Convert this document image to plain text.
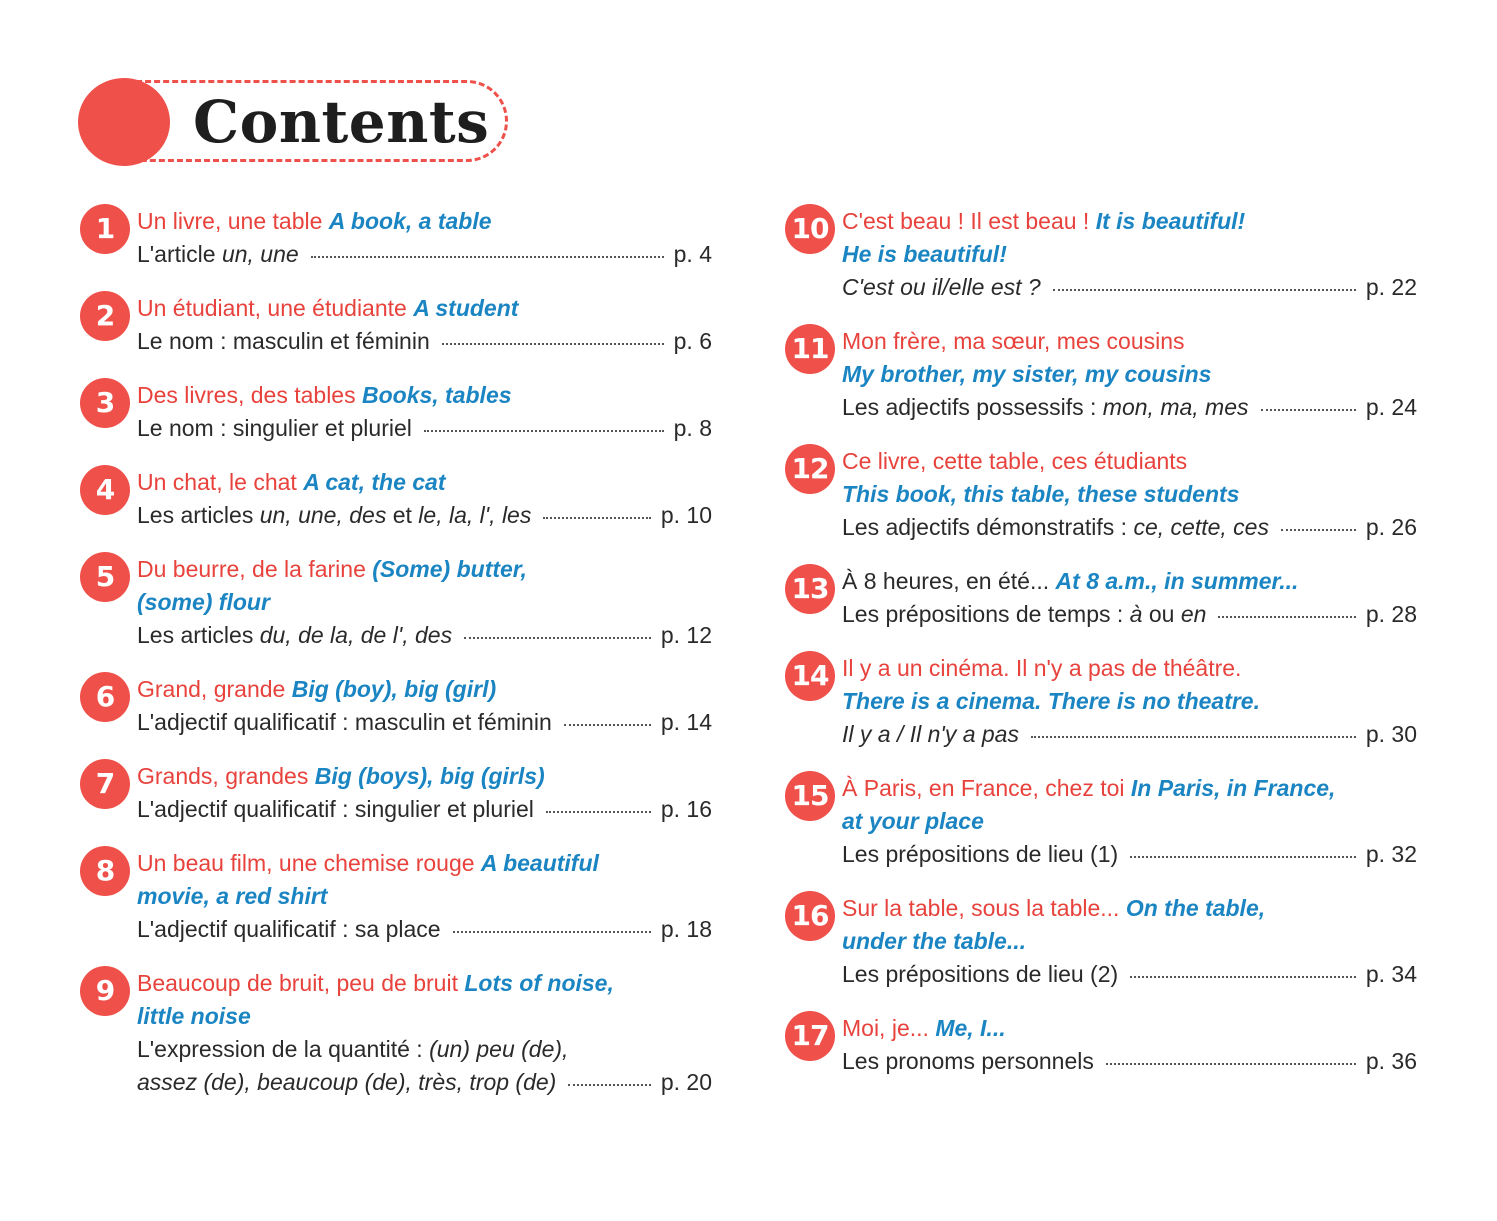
Contents
1 Un livre, une table A book, a table
L'article un, une	p. 4
2 Un étudiant, une étudiante A student
Le nom : masculin et féminin	p. 6
3 Des livres, des tables Books, tables
Le nom : singulier et pluriel	p. 8
4 Un chat, le chat A cat, the cat
Les articles un, une, des et le, la, l', les	p. 10
5 Du beurre, de la farine (Some) butter,
(some) flour
Les articles du, de la, de l', des	p. 12
6 Grand, grande Big (boy), big (girl)
L'adjectif qualificatif : masculin et féminin	p. 14
7 Grands, grandes Big (boys), big (girls)
L'adjectif qualificatif : singulier et pluriel	p. 16
8 Un beau film, une chemise rouge A beautiful
movie, a red shirt
L'adjectif qualificatif : sa place	p. 18
9 Beaucoup de bruit, peu de bruit Lots of noise,
little noise
L'expression de la quantité : (un) peu (de),
assez (de), beaucoup (de), très, trop (de)	p. 20
10 C'est beau ! Il est beau ! It is beautiful!
He is beautiful!
C'est ou il/elle est ?	p. 22
11 Mon frère, ma sœur, mes cousins
My brother, my sister, my cousins
Les adjectifs possessifs : mon, ma, mes	p. 24
12 Ce livre, cette table, ces étudiants
This book, this table, these students
Les adjectifs démonstratifs : ce, cette, ces	p. 26
13 À 8 heures, en été... At 8 a.m., in summer...
Les prépositions de temps : à ou en	p. 28
14 Il y a un cinéma. Il n'y a pas de théâtre.
There is a cinema. There is no theatre.
Il y a / Il n'y a pas	p. 30
15 À Paris, en France, chez toi In Paris, in France,
at your place
Les prépositions de lieu (1)	p. 32
16 Sur la table, sous la table... On the table,
under the table...
Les prépositions de lieu (2)	p. 34
17 Moi, je... Me, I...
Les pronoms personnels	p. 36
